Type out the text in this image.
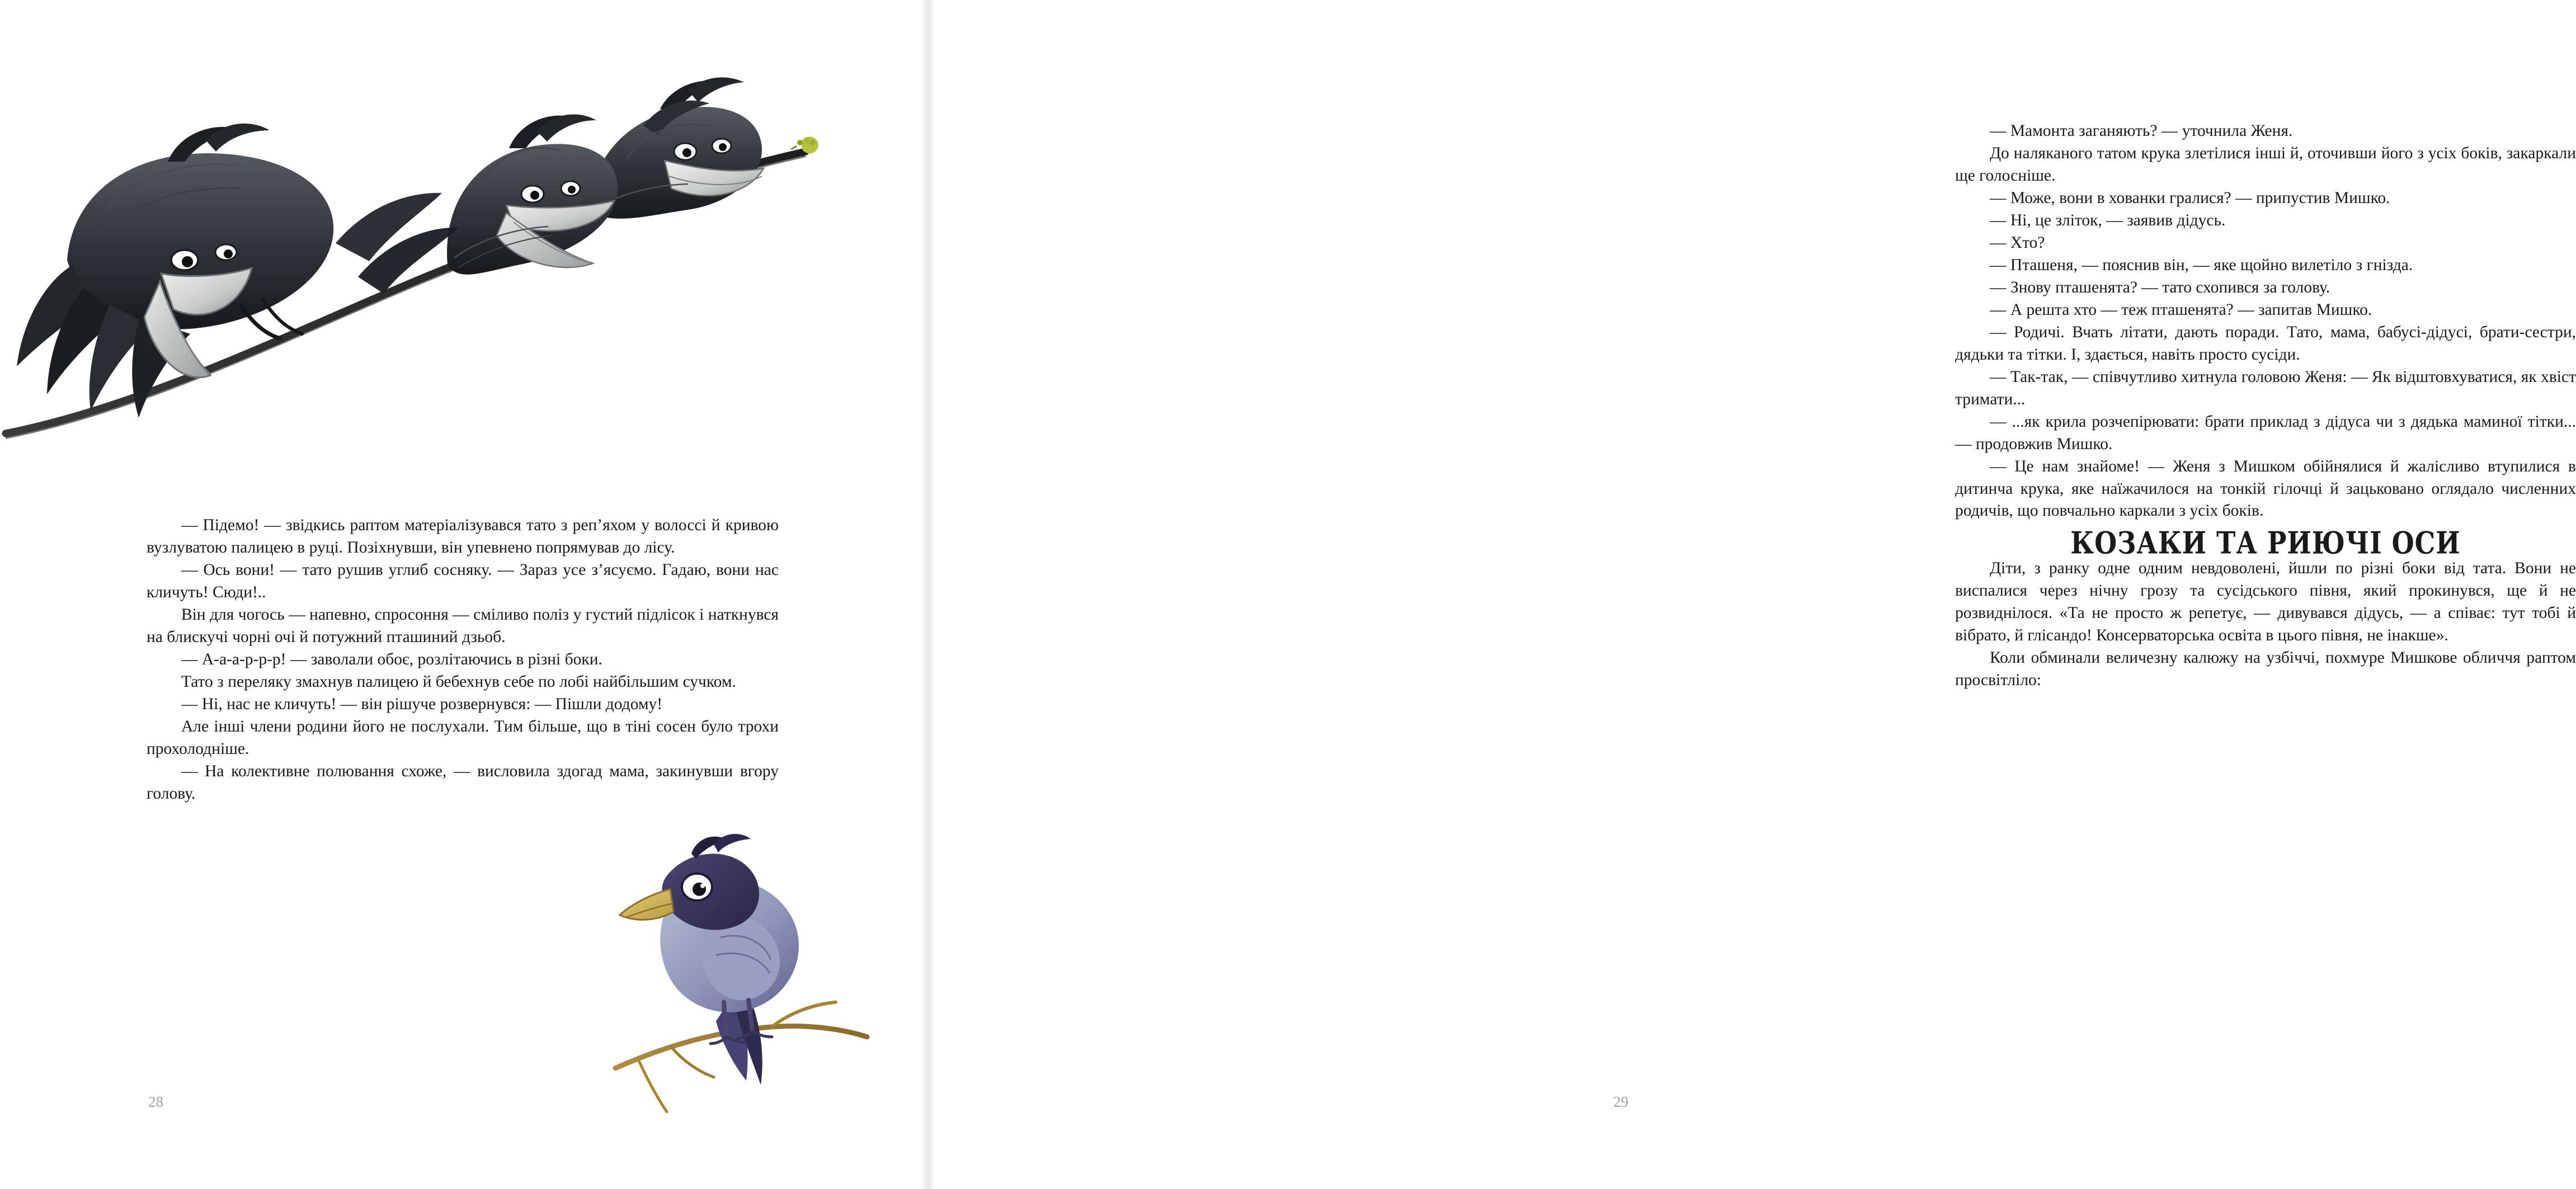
— Підемо! — звідкись раптом матеріалізувався тато з реп’яхом у волоссі й кривою вузлуватою палицею в руці. Позіхнувши, він упевнено попрямував до лісу.

— Ось вони! — тато рушив углиб сосняку. — Зараз усе з’ясуємо. Гадаю, вони нас кличуть! Сюди!..

Він для чогось — напевно, спросоння — сміливо поліз у густий підлісок і наткнувся на блискучі чорні очі й потужний пташиний дзьоб.

— А-а-а-р-р-р! — заволали обоє, розлітаючись в різні боки.

Тато з переляку змахнув палицею й бебехнув себе по лобі найбільшим сучком.

— Ні, нас не кличуть! — він рішуче розвернувся: — Пішли додому!

Але інші члени родини його не послухали. Тим більше, що в тіні сосен було трохи прохолодніше.

— На колективне полювання схоже, — висловила здогад мама, закинувши вгору голову.

28

— Мамонта заганяють? — уточнила Женя.

До наляканого татом крука злетілися інші й, оточивши його з усіх боків, закаркали ще голосніше.

— Може, вони в хованки гралися? — припустив Мишко.

— Ні, це зліток, — заявив дідусь.

— Хто?

— Пташеня, — пояснив він, — яке щойно вилетіло з гнізда.

— Знову пташенята? — тато схопився за голову.

— А решта хто — теж пташенята? — запитав Мишко.

— Родичі. Вчать літати, дають поради. Тато, мама, бабусі-дідусі, брати-сестри, дядьки та тітки. І, здається, навіть просто сусіди.

— Так-так, — співчутливо хитнула головою Женя: — Як відштовхуватися, як хвіст тримати...

— ...як крила розчепірювати: брати приклад з дідуса чи з дядька маминої тітки... — продовжив Мишко.

— Це нам знайоме! — Женя з Мишком обійнялися й жалісливо втупилися в дитинча крука, яке наїжачилося на тонкій гілочці й зацьковано оглядало численних родичів, що повчально каркали з усіх боків.

КОЗАКИ ТА РИЮЧІ ОСИ

Діти, з ранку одне одним невдоволені, йшли по різні боки від тата. Вони не виспалися через нічну грозу та сусідського півня, який прокинувся, ще й не розвиднілося. «Та не просто ж репетує, — дивувався дідусь, — а співає: тут тобі й вібрато, й глісандо! Консерваторська освіта в цього півня, не інакше».

Коли обминали величезну калюжу на узбіччі, похмуре Мишкове обличчя раптом просвітліло:

29
